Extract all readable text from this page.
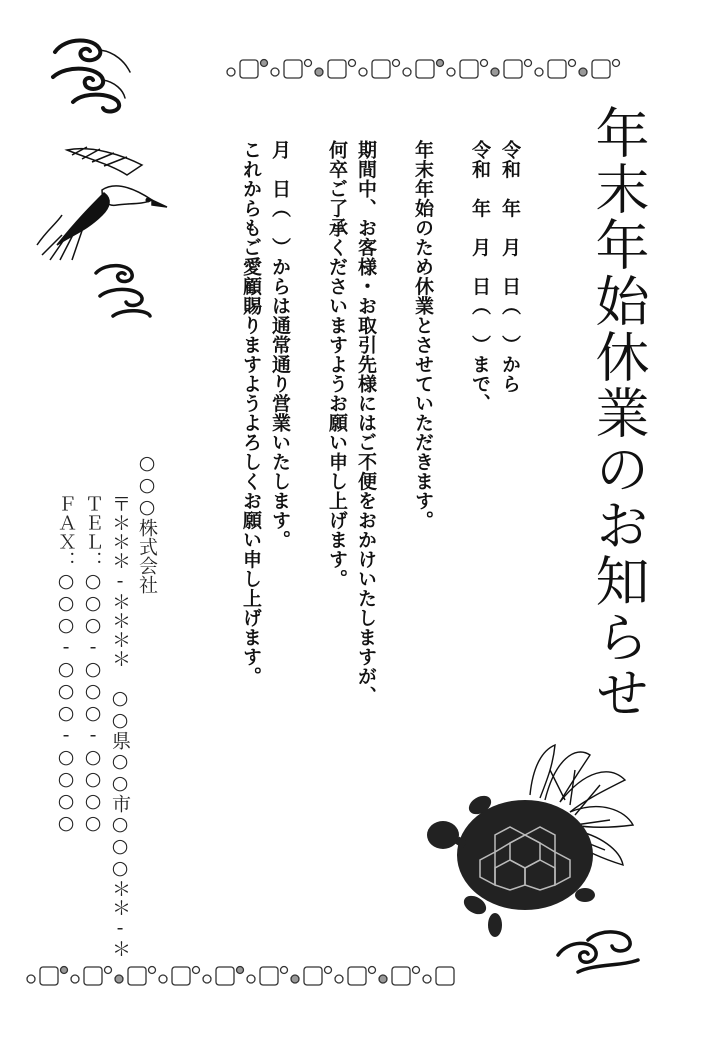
年末年始休業のお知らせ
令和　年　月　日（　）から
令和　年　月　日（　）まで、
年末年始のため休業とさせていただきます。
期間中、お客様・お取引先様にはご不便をおかけいたしますが、
何卒ご了承くださいますようお願い申し上げます。
月　日（　）からは通常通り営業いたします。
これからもご愛顧賜りますようよろしくお願い申し上げます。
○○○株式会社
〒＊＊＊-＊＊＊＊　○○県○○市○○○＊＊-＊
ＴＥＬ：○○○-○○○-○○○○
ＦＡＸ：○○○-○○○-○○○○
